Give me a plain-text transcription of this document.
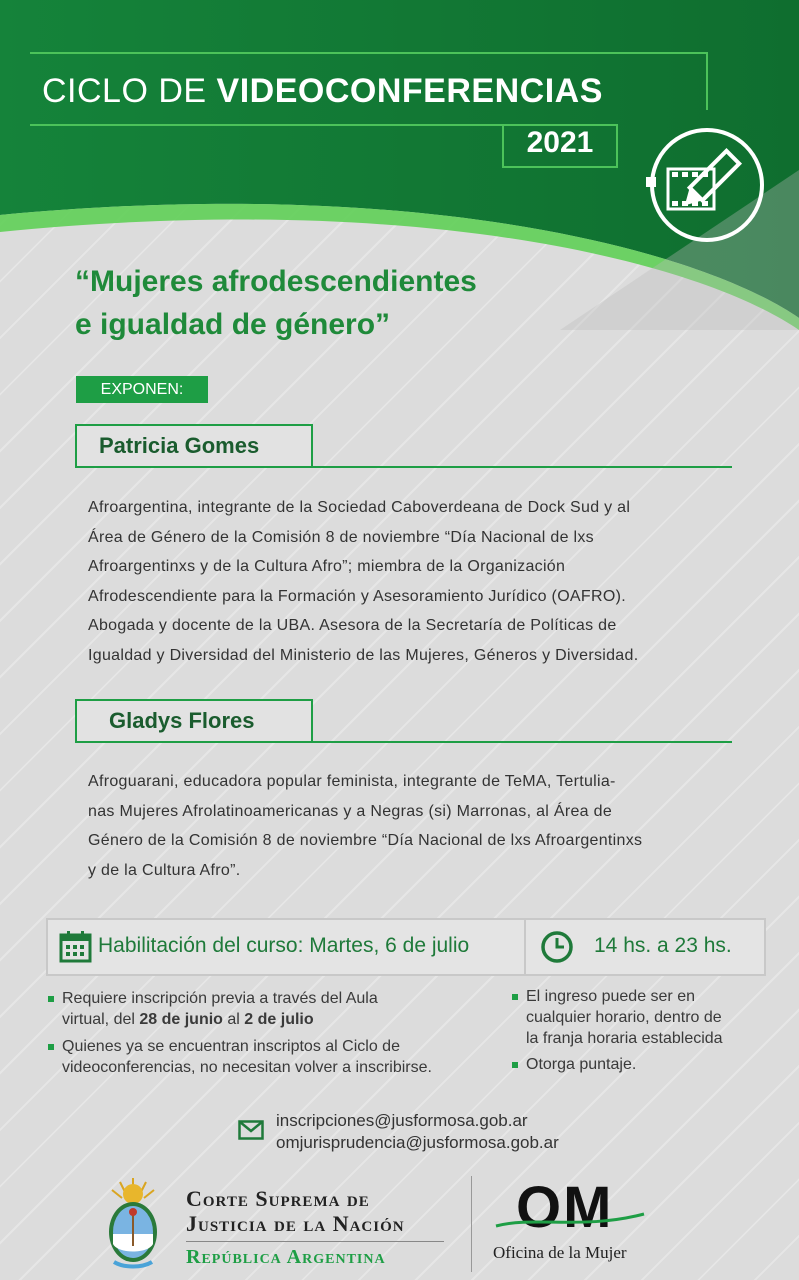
CICLO DE VIDEOCONFERENCIAS
2021
“Mujeres afrodescendientes
e igualdad de género”
EXPONEN:
Patricia Gomes
Afroargentina, integrante de la Sociedad Caboverdeana de Dock Sud y al
Área de Género de la Comisión 8 de noviembre “Día Nacional de lxs
Afroargentinxs y de la Cultura Afro”; miembra de la Organización
Afrodescendiente para la Formación y Asesoramiento Jurídico (OAFRO).
Abogada y docente de la UBA. Asesora de la Secretaría de Políticas de
Igualdad y Diversidad del Ministerio de las Mujeres, Géneros y Diversidad.
Gladys Flores
Afroguarani, educadora popular feminista, integrante de TeMA, Tertulia-
nas Mujeres Afrolatinoamericanas y a Negras (si) Marronas, al Área de
Género de la Comisión 8 de noviembre “Día Nacional de lxs Afroargentinxs
y de la Cultura Afro”.
Habilitación del curso: Martes, 6 de julio	14 hs. a 23 hs.
Requiere inscripción previa a través del Aula
virtual, del 28 de junio al 2 de julio
Quienes ya se encuentran inscriptos al Ciclo de
videoconferencias, no necesitan volver a inscribirse.
El ingreso puede ser en
cualquier horario, dentro de
la franja horaria establecida
Otorga puntaje.
inscripciones@jusformosa.gob.ar
omjurisprudencia@jusformosa.gob.ar
Corte Suprema de
Justicia de la Nación
República Argentina
OM
Oficina de la Mujer
